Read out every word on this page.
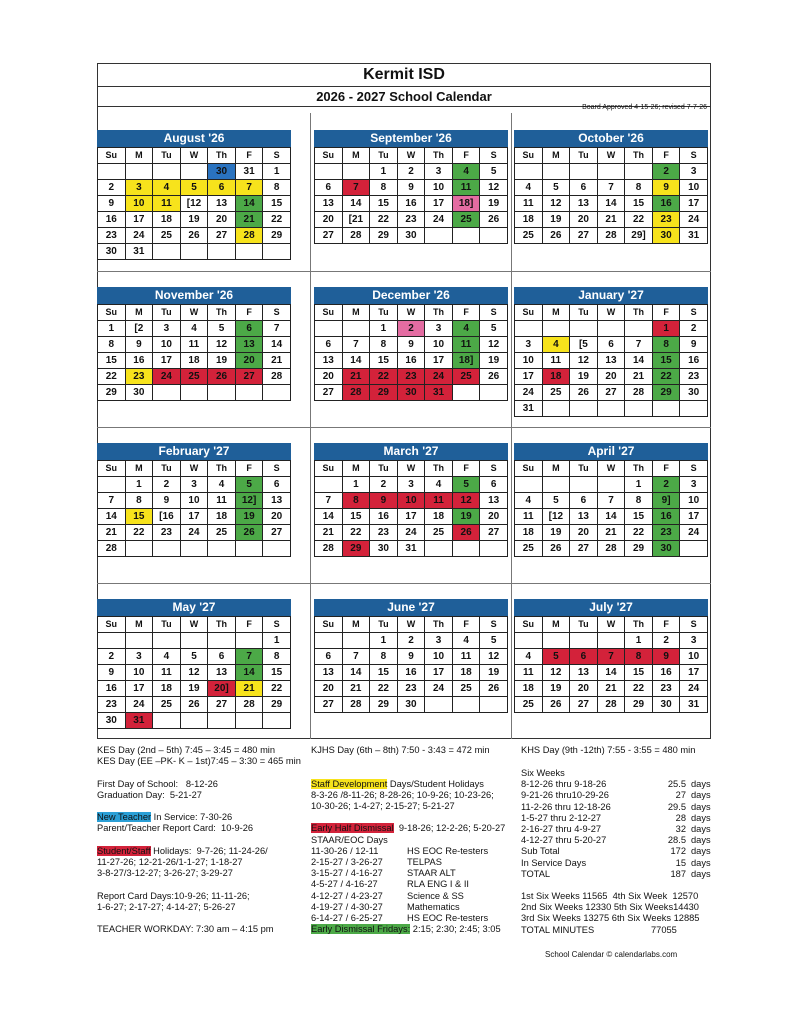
Kermit ISD
2026 - 2027 School Calendar
Board Approved 4-15-26; revised 7-7-26
August '26
Su	M	Tu	W	Th	F	S
				30	31	1
2	3	4	5	6	7	8
9	10	11	[12	13	14	15
16	17	18	19	20	21	22
23	24	25	26	27	28	29
30	31					
September '26
Su	M	Tu	W	Th	F	S
		1	2	3	4	5
6	7	8	9	10	11	12
13	14	15	16	17	18]	19
20	[21	22	23	24	25	26
27	28	29	30			
October '26
Su	M	Tu	W	Th	F	S
					2	3
4	5	6	7	8	9	10
11	12	13	14	15	16	17
18	19	20	21	22	23	24
25	26	27	28	29]	30	31
November '26
Su	M	Tu	W	Th	F	S
1	[2	3	4	5	6	7
8	9	10	11	12	13	14
15	16	17	18	19	20	21
22	23	24	25	26	27	28
29	30					
December '26
Su	M	Tu	W	Th	F	S
		1	2	3	4	5
6	7	8	9	10	11	12
13	14	15	16	17	18]	19
20	21	22	23	24	25	26
27	28	29	30	31		
January '27
Su	M	Tu	W	Th	F	S
					1	2
3	4	[5	6	7	8	9
10	11	12	13	14	15	16
17	18	19	20	21	22	23
24	25	26	27	28	29	30
31						
February '27
Su	M	Tu	W	Th	F	S
	1	2	3	4	5	6
7	8	9	10	11	12]	13
14	15	[16	17	18	19	20
21	22	23	24	25	26	27
28						
March '27
Su	M	Tu	W	Th	F	S
	1	2	3	4	5	6
7	8	9	10	11	12	13
14	15	16	17	18	19	20
21	22	23	24	25	26	27
28	29	30	31			
April '27
Su	M	Tu	W	Th	F	S
				1	2	3
4	5	6	7	8	9]	10
11	[12	13	14	15	16	17
18	19	20	21	22	23	24
25	26	27	28	29	30	
May '27
Su	M	Tu	W	Th	F	S
						1
2	3	4	5	6	7	8
9	10	11	12	13	14	15
16	17	18	19	20]	21	22
23	24	25	26	27	28	29
30	31					
June '27
Su	M	Tu	W	Th	F	S
		1	2	3	4	5
6	7	8	9	10	11	12
13	14	15	16	17	18	19
20	21	22	23	24	25	26
27	28	29	30			
July '27
Su	M	Tu	W	Th	F	S
				1	2	3
4	5	6	7	8	9	10
11	12	13	14	15	16	17
18	19	20	21	22	23	24
25	26	27	28	29	30	31
KES Day (2nd – 5th) 7:45 – 3:45 = 480 min
KES Day (EE –PK- K – 1st)7:45 – 3:30 = 465 min

First Day of School:   8-12-26
Graduation Day:  5-21-27

New Teacher In Service: 7-30-26
Parent/Teacher Report Card:  10-9-26

Student/Staff Holidays:  9-7-26; 11-24-26/
11-27-26; 12-21-26/1-1-27; 1-18-27
3-8-27/3-12-27; 3-26-27; 3-29-27

Report Card Days:10-9-26; 11-11-26;
1-6-27; 2-17-27; 4-14-27; 5-26-27

TEACHER WORKDAY: 7:30 am – 4:15 pm
KJHS Day (6th – 8th) 7:50 - 3:43 = 472 min

Staff Development Days/Student Holidays
8-3-26 /8-11-26; 8-28-26; 10-9-26; 10-23-26;
10-30-26; 1-4-27; 2-15-27; 5-21-27

Early Half Dismissal  9-18-26; 12-2-26; 5-20-27
STAAR/EOC Days
11-30-26 / 12-11	HS EOC Re-testers
2-15-27 / 3-26-27	TELPAS
3-15-27 / 4-16-27	STAAR ALT
4-5-27 / 4-16-27	RLA ENG I & II
4-12-27 / 4-23-27	Science & SS
4-19-27 / 4-30-27	Mathematics
6-14-27 / 6-25-27	HS EOC Re-testers
Early Dismissal Fridays: 2:15; 2:30; 2:45; 3:05
KHS Day (9th -12th) 7:55 - 3:55 = 480 min
Six Weeks
8-12-26 thru 9-18-26	25.5 days
9-21-26 thru10-29-26	27 days
11-2-26 thru 12-18-26	29.5 days
1-5-27 thru 2-12-27	28 days
2-16-27 thru 4-9-27	32 days
4-12-27 thru 5-20-27	28.5 days
Sub Total	172 days
In Service Days	15 days
TOTAL	187 days
1st Six Weeks 11565  4th Six Week  12570
2nd Six Weeks 12330 5th Six Weeks14430
3rd Six Weeks 13275 6th Six Weeks 12885
TOTAL MINUTES                      77055
School Calendar © calendarlabs.com
